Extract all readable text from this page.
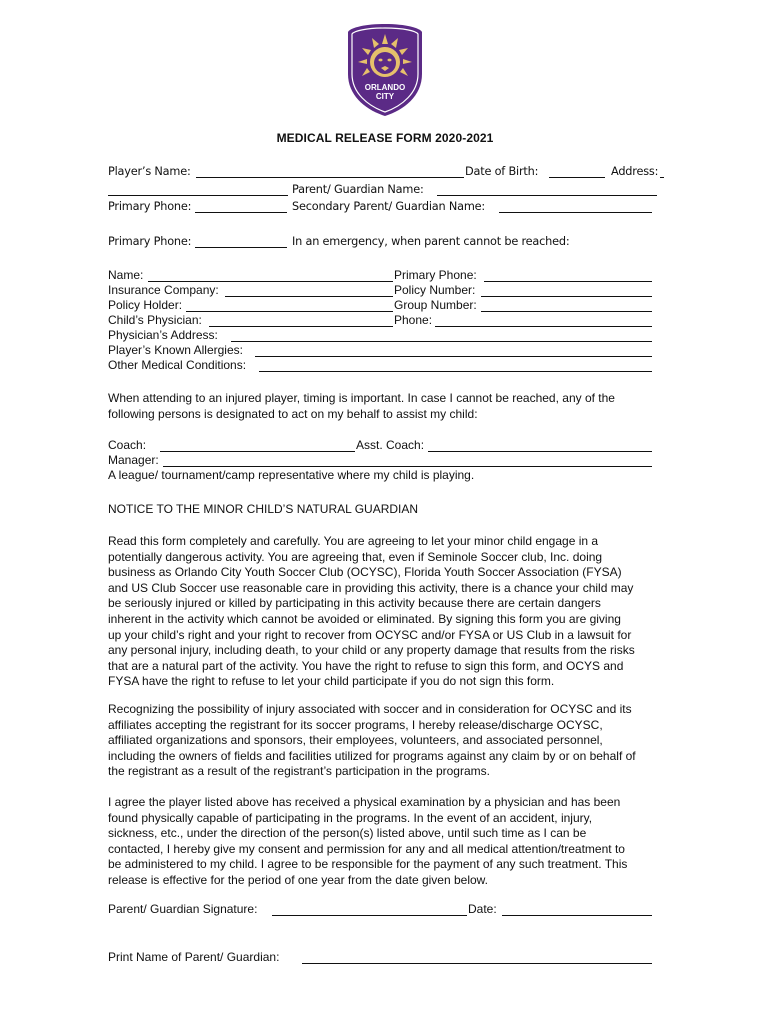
ORLANDO
CITY
MEDICAL RELEASE FORM 2020-2021
Player’s Name:	Date of Birth:	Address:
Parent/ Guardian Name:
Primary Phone:	Secondary Parent/ Guardian Name:
Primary Phone:	In an emergency, when parent cannot be reached:
Name:	Primary Phone:
Insurance Company:	Policy Number:
Policy Holder:	Group Number:
Child’s Physician:	Phone:
Physician’s Address:
Player’s Known Allergies:
Other Medical Conditions:

When attending to an injured player, timing is important. In case I cannot be reached, any of the
following persons is designated to act on my behalf to assist my child:

Coach:	Asst. Coach:
Manager:
A league/ tournament/camp representative where my child is playing.
NOTICE TO THE MINOR CHILD’S NATURAL GUARDIAN

Read this form completely and carefully. You are agreeing to let your minor child engage in a
potentially dangerous activity. You are agreeing that, even if Seminole Soccer club, Inc. doing
business as Orlando City Youth Soccer Club (OCYSC), Florida Youth Soccer Association (FYSA)
and US Club Soccer use reasonable care in providing this activity, there is a chance your child may
be seriously injured or killed by participating in this activity because there are certain dangers
inherent in the activity which cannot be avoided or eliminated. By signing this form you are giving
up your child’s right and your right to recover from OCYSC and/or FYSA or US Club in a lawsuit for
any personal injury, including death, to your child or any property damage that results from the risks
that are a natural part of the activity. You have the right to refuse to sign this form, and OCYS and
FYSA have the right to refuse to let your child participate if you do not sign this form.

Recognizing the possibility of injury associated with soccer and in consideration for OCYSC and its
affiliates accepting the registrant for its soccer programs, I hereby release/discharge OCYSC,
affiliated organizations and sponsors, their employees, volunteers, and associated personnel,
including the owners of fields and facilities utilized for programs against any claim by or on behalf of
the registrant as a result of the registrant’s participation in the programs.

I agree the player listed above has received a physical examination by a physician and has been
found physically capable of participating in the programs. In the event of an accident, injury,
sickness, etc., under the direction of the person(s) listed above, until such time as I can be
contacted, I hereby give my consent and permission for any and all medical attention/treatment to
be administered to my child. I agree to be responsible for the payment of any such treatment. This
release is effective for the period of one year from the date given below.

Parent/ Guardian Signature:	Date:
Print Name of Parent/ Guardian:
